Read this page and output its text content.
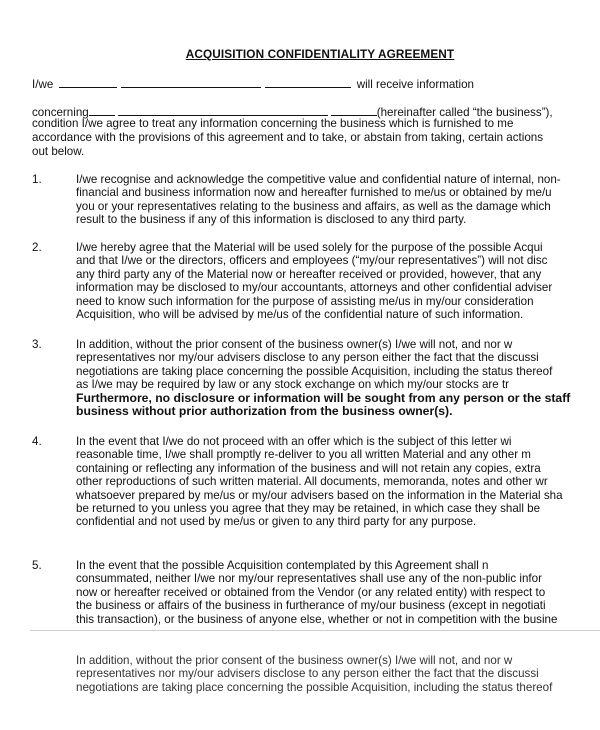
ACQUISITION CONFIDENTIALITY AGREEMENT
I/we	will receive information
concerning	(hereinafter called “the business”),
condition I/we agree to treat any information concerning the business which is furnished to me
accordance with the provisions of this agreement and to take, or abstain from taking, certain actions
out below.
1.	I/we recognise and acknowledge the competitive value and confidential nature of internal, non-
financial and business information now and hereafter furnished to me/us or obtained by me/u
you or your representatives relating to the business and affairs, as well as the damage which
result to the business if any of this information is disclosed to any third party.
2.	I/we hereby agree that the Material will be used solely for the purpose of the possible Acqui
and that I/we or the directors, officers and employees (“my/our representatives”) will not disc
any third party any of the Material now or hereafter received or provided, however, that any
information may be disclosed to my/our accountants, attorneys and other confidential adviser
need to know such information for the purpose of assisting me/us in my/our consideration
Acquisition, who will be advised by me/us of the confidential nature of such information.
3.	In addition, without the prior consent of the business owner(s) I/we will not, and nor w
representatives nor my/our advisers disclose to any person either the fact that the discussi
negotiations are taking place concerning the possible Acquisition, including the status thereof
as I/we may be required by law or any stock exchange on which my/our stocks are tr
Furthermore, no disclosure or information will be sought from any person or the staff
business without prior authorization from the business owner(s).
4.	In the event that I/we do not proceed with an offer which is the subject of this letter wi
reasonable time, I/we shall promptly re-deliver to you all written Material and any other m
containing or reflecting any information of the business and will not retain any copies, extra
other reproductions of such written material. All documents, memoranda, notes and other wr
whatsoever prepared by me/us or my/our advisers based on the information in the Material sha
be returned to you unless you agree that they may be retained, in which case they shall be
confidential and not used by me/us or given to any third party for any purpose.
5.	In the event that the possible Acquisition contemplated by this Agreement shall n
consummated, neither I/we nor my/our representatives shall use any of the non-public infor
now or hereafter received or obtained from the Vendor (or any related entity) with respect to
the business or affairs of the business in furtherance of my/our business (except in negotiati
this transaction), or the business of anyone else, whether or not in competition with the busine
In addition, without the prior consent of the business owner(s) I/we will not, and nor w
representatives nor my/our advisers disclose to any person either the fact that the discussi
negotiations are taking place concerning the possible Acquisition, including the status thereof
